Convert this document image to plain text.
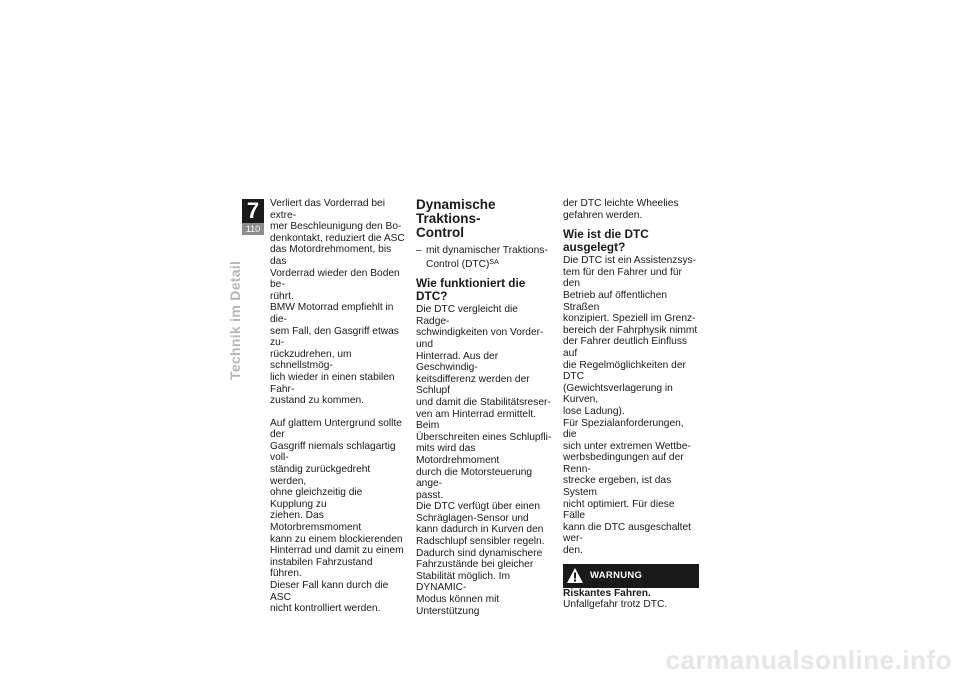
7
110
Technik im Detail

Verliert das Vorderrad bei extre-
mer Beschleunigung den Bo-
denkontakt, reduziert die ASC
das Motordrehmoment, bis das
Vorderrad wieder den Boden be-
rührt.

BMW Motorrad empfiehlt in die-
sem Fall, den Gasgriff etwas zu-
rückzudrehen, um schnellstmög-
lich wieder in einen stabilen Fahr-
zustand zu kommen.

Auf glattem Untergrund sollte der
Gasgriff niemals schlagartig voll-
ständig zurückgedreht werden,
ohne gleichzeitig die Kupplung zu
ziehen. Das Motorbremsmoment
kann zu einem blockierenden
Hinterrad und damit zu einem
instabilen Fahrzustand führen.
Dieser Fall kann durch die ASC
nicht kontrolliert werden.

Dynamische Traktions-
Control
– mit dynamischer Traktions-
Control (DTC)$^{SA}$
Wie funktioniert die DTC?

Die DTC vergleicht die Radge-
schwindigkeiten von Vorder- und
Hinterrad. Aus der Geschwindig-
keitsdifferenz werden der Schlupf
und damit die Stabilitätsreser-
ven am Hinterrad ermittelt. Beim
Überschreiten eines Schlupfli-
mits wird das Motordrehmoment
durch die Motorsteuerung ange-
passt.

Die DTC verfügt über einen
Schräglagen-Sensor und
kann dadurch in Kurven den
Radschlupf sensibler regeln.
Dadurch sind dynamischere
Fahrzustände bei gleicher
Stabilität möglich. Im DYNAMIC-
Modus können mit Unterstützung

der DTC leichte Wheelies
gefahren werden.

Wie ist die DTC
ausgelegt?

Die DTC ist ein Assistenzsys-
tem für den Fahrer und für den
Betrieb auf öffentlichen Straßen
konzipiert. Speziell im Grenz-
bereich der Fahrphysik nimmt
der Fahrer deutlich Einfluss auf
die Regelmöglichkeiten der DTC
(Gewichtsverlagerung in Kurven,
lose Ladung).

Für Spezialanforderungen, die
sich unter extremen Wettbe-
werbsbedingungen auf der Renn-
strecke ergeben, ist das System
nicht optimiert. Für diese Fälle
kann die DTC ausgeschaltet wer-
den.

WARNUNG

Riskantes Fahren.

Unfallgefahr trotz DTC.

carmanualsonline.info
